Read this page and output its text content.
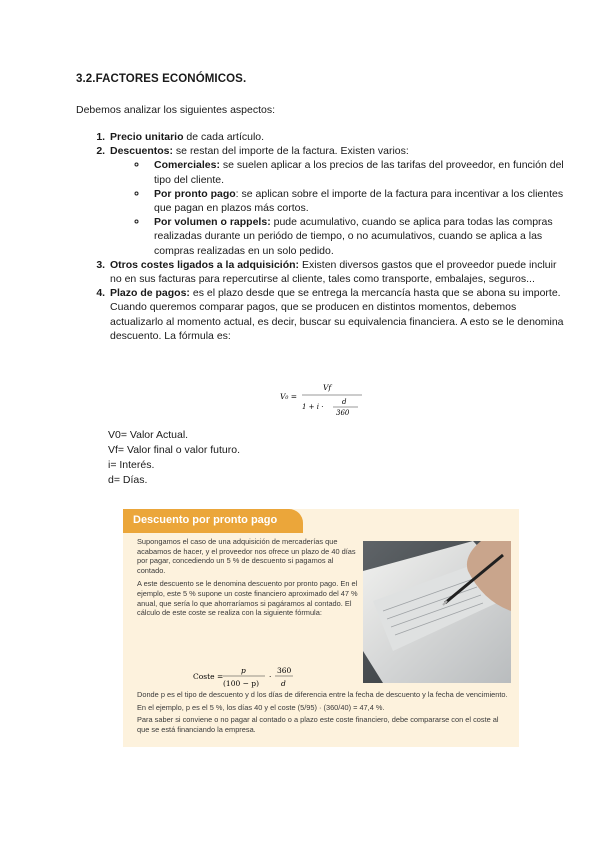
3.2.FACTORES ECONÓMICOS.
Debemos analizar los siguientes aspectos:
1. Precio unitario de cada artículo.
2. Descuentos: se restan del importe de la factura. Existen varios:
◦ Comerciales: se suelen aplicar a los precios de las tarifas del proveedor, en función del tipo del cliente.
◦ Por pronto pago: se aplican sobre el importe de la factura para incentivar a los clientes que pagan en plazos más cortos.
◦ Por volumen o rappels: pude acumulativo, cuando se aplica para todas las compras realizadas durante un periódo de tiempo, o no acumulativos, cuando se aplica a las compras realizadas en un solo pedido.
3. Otros costes ligados a la adquisición: Existen diversos gastos que el proveedor puede incluir no en sus facturas para repercutirse al cliente, tales como transporte, embalajes, seguros...
4. Plazo de pagos: es el plazo desde que se entrega la mercancía hasta que se abona su importe. Cuando queremos comparar pagos, que se producen en distintos momentos, debemos actualizarlo al momento actual, es decir, buscar su equivalencia financiera. A esto se le denomina descuento. La fórmula es:
V₀ =
Vf
1 + i ·
d
360
V0= Valor Actual.
Vf= Valor final o valor futuro.
i= Interés.
d= Días.
Descuento por pronto pago

Supongamos el caso de una adquisición de mercaderías que acabamos de hacer, y el proveedor nos ofrece un plazo de 40 días por pagar, concediendo un 5 % de descuento si pagamos al contado.

A este descuento se le denomina descuento por pronto pago. En el ejemplo, este 5 % supone un coste financiero aproximado del 47 % anual, que sería lo que ahorraríamos si pagáramos al contado. El cálculo de este coste se realiza con la siguiente fórmula:

Coste =
p
(100 − p)
·
360
d

Donde p es el tipo de descuento y d los días de diferencia entre la fecha de descuento y la fecha de vencimiento.

En el ejemplo, p es el 5 %, los días 40 y el coste (5/95) · (360/40) = 47,4 %.

Para saber si conviene o no pagar al contado o a plazo este coste financiero, debe compararse con el coste al que se está financiando la empresa.
